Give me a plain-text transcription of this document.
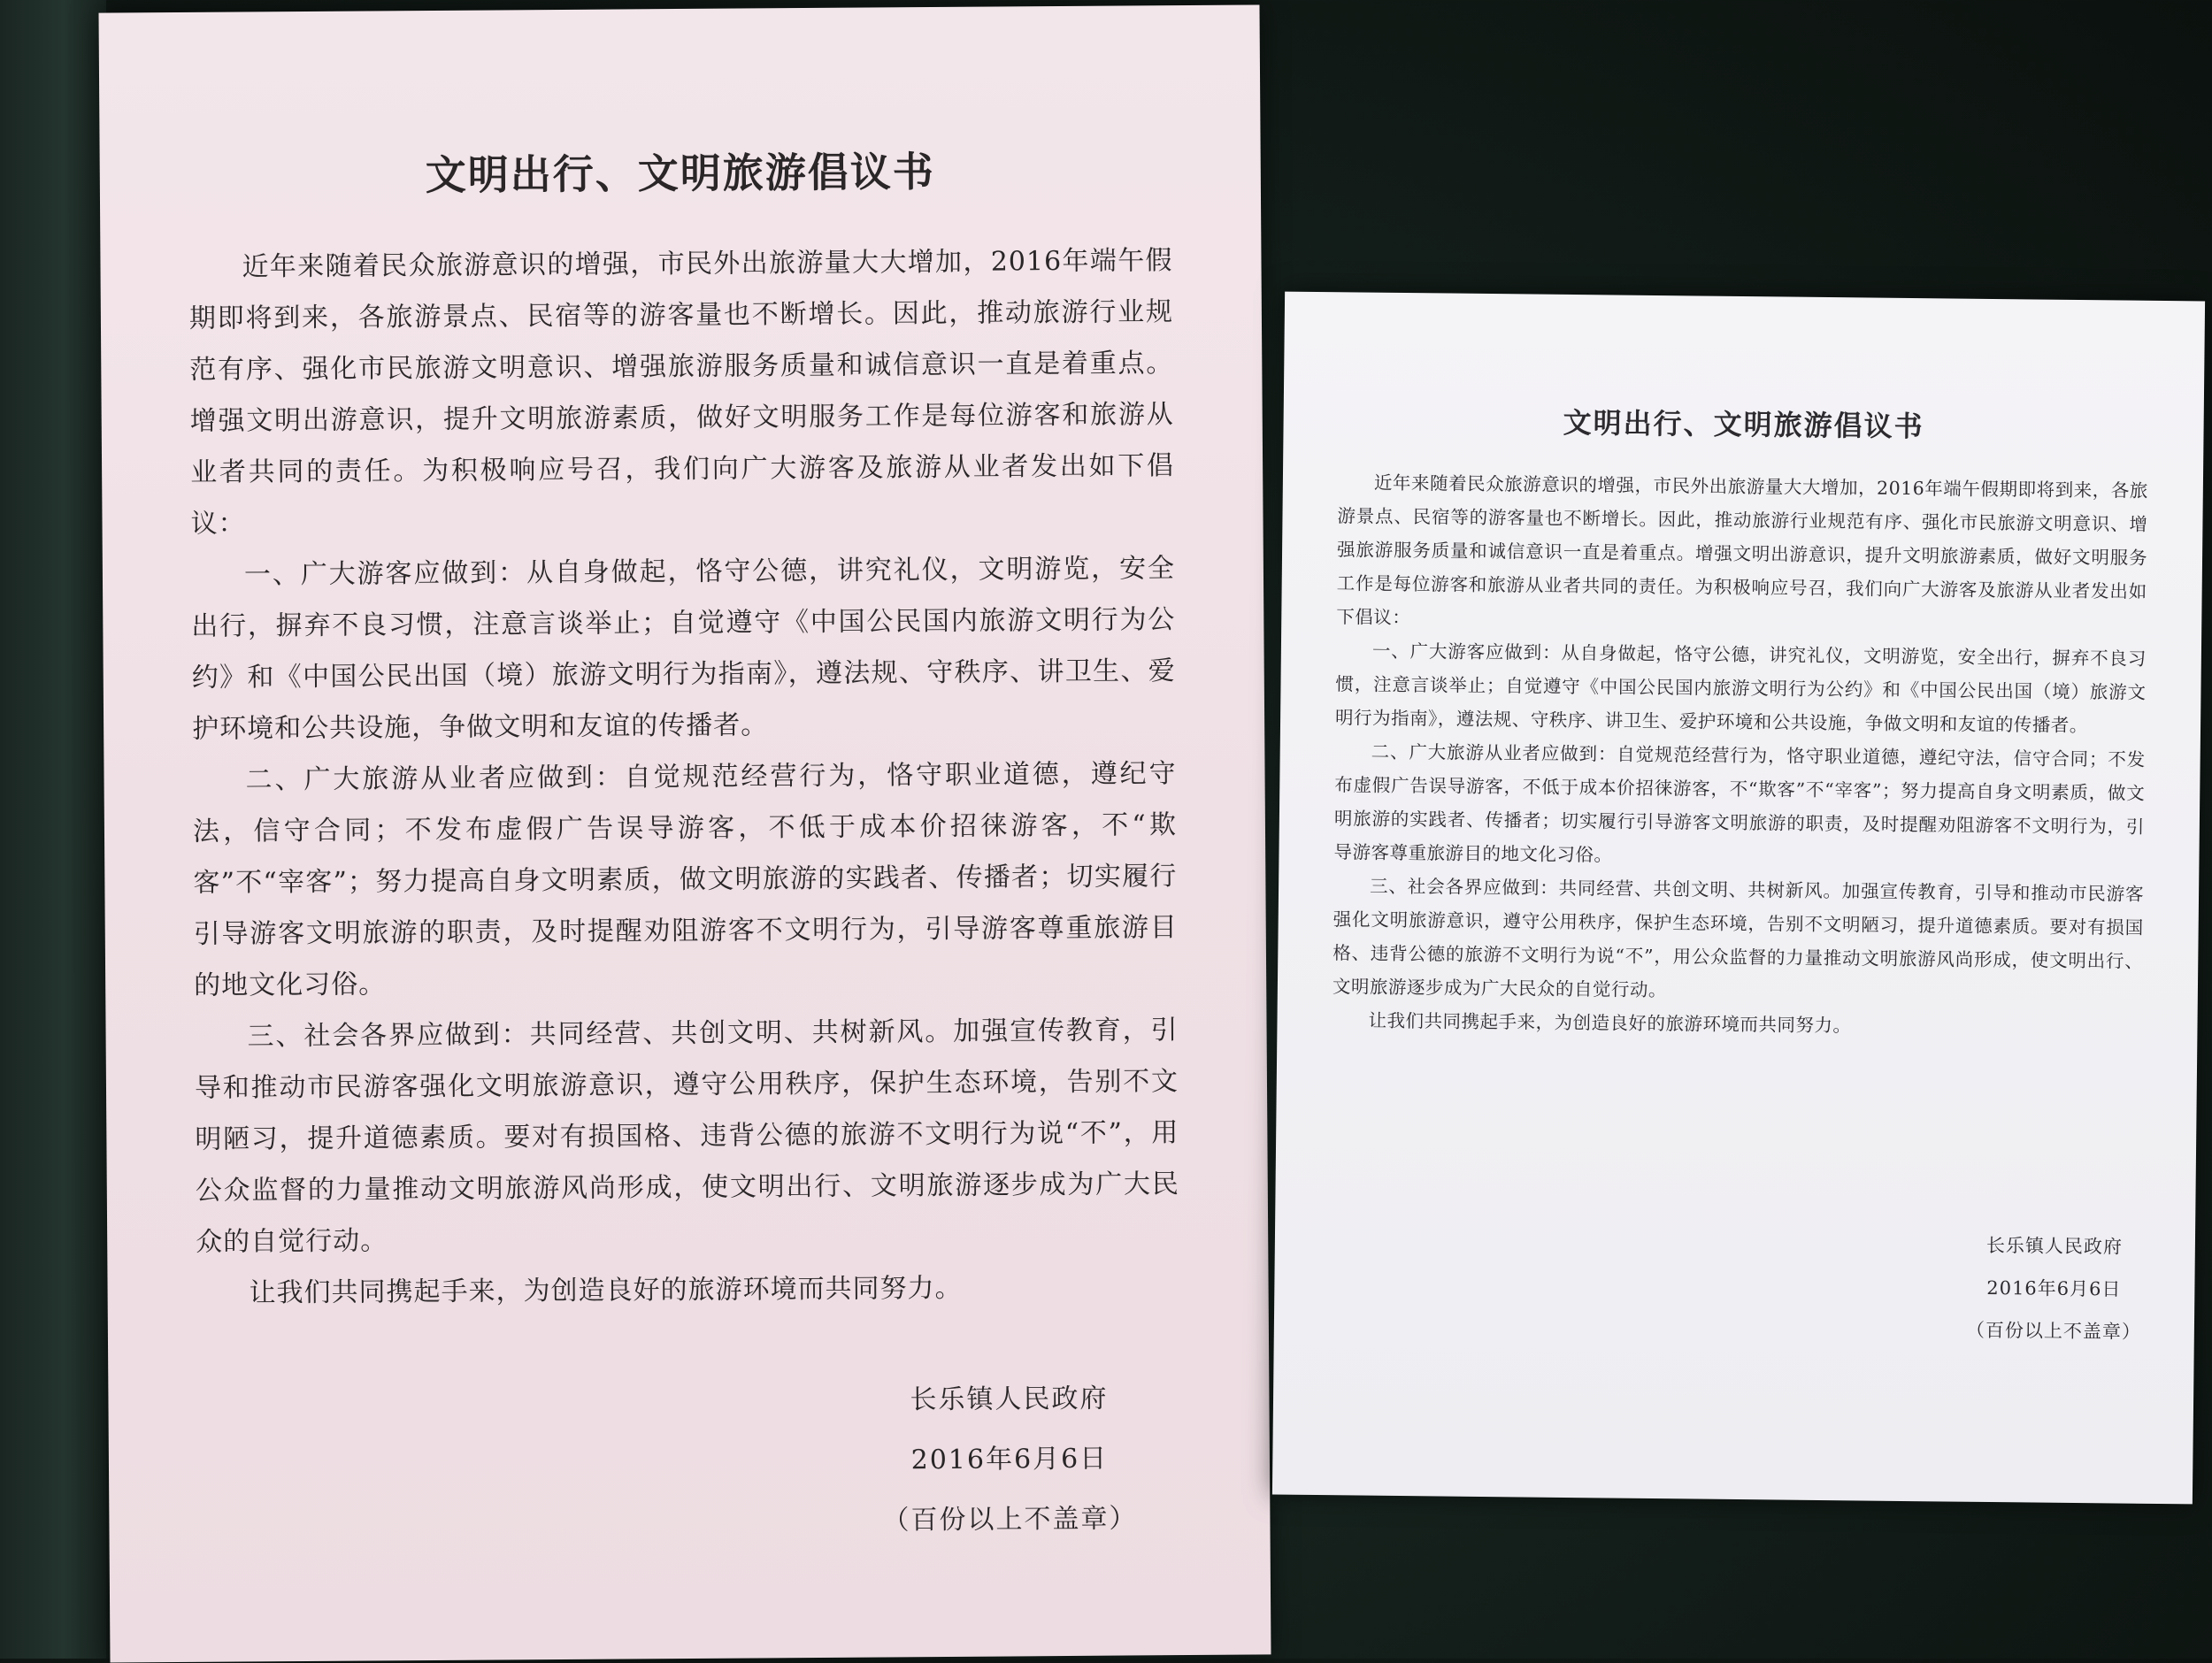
文明出行、文明旅游倡议书

近年来随着民众旅游意识的增强，市民外出旅游量大大增加，2016年端午假期即将到来，各旅游景点、民宿等的游客量也不断增长。因此，推动旅游行业规范有序、强化市民旅游文明意识、增强旅游服务质量和诚信意识一直是着重点。增强文明出游意识，提升文明旅游素质，做好文明服务工作是每位游客和旅游从业者共同的责任。为积极响应号召，我们向广大游客及旅游从业者发出如下倡议：

一、广大游客应做到：从自身做起，恪守公德，讲究礼仪，文明游览，安全出行，摒弃不良习惯，注意言谈举止；自觉遵守《中国公民国内旅游文明行为公约》和《中国公民出国（境）旅游文明行为指南》，遵法规、守秩序、讲卫生、爱护环境和公共设施，争做文明和友谊的传播者。

二、广大旅游从业者应做到：自觉规范经营行为，恪守职业道德，遵纪守法，信守合同；不发布虚假广告误导游客，不低于成本价招徕游客，不“欺客”不“宰客”；努力提高自身文明素质，做文明旅游的实践者、传播者；切实履行引导游客文明旅游的职责，及时提醒劝阻游客不文明行为，引导游客尊重旅游目的地文化习俗。

三、社会各界应做到：共同经营、共创文明、共树新风。加强宣传教育，引导和推动市民游客强化文明旅游意识，遵守公用秩序，保护生态环境，告别不文明陋习，提升道德素质。要对有损国格、违背公德的旅游不文明行为说“不”，用公众监督的力量推动文明旅游风尚形成，使文明出行、文明旅游逐步成为广大民众的自觉行动。

让我们共同携起手来，为创造良好的旅游环境而共同努力。

长乐镇人民政府
2016年6月6日
（百份以上不盖章）
文明出行、文明旅游倡议书

近年来随着民众旅游意识的增强，市民外出旅游量大大增加，2016年端午假期即将到来，各旅游景点、民宿等的游客量也不断增长。因此，推动旅游行业规范有序、强化市民旅游文明意识、增强旅游服务质量和诚信意识一直是着重点。增强文明出游意识，提升文明旅游素质，做好文明服务工作是每位游客和旅游从业者共同的责任。为积极响应号召，我们向广大游客及旅游从业者发出如下倡议：

一、广大游客应做到：从自身做起，恪守公德，讲究礼仪，文明游览，安全出行，摒弃不良习惯，注意言谈举止；自觉遵守《中国公民国内旅游文明行为公约》和《中国公民出国（境）旅游文明行为指南》，遵法规、守秩序、讲卫生、爱护环境和公共设施，争做文明和友谊的传播者。

二、广大旅游从业者应做到：自觉规范经营行为，恪守职业道德，遵纪守法，信守合同；不发布虚假广告误导游客，不低于成本价招徕游客，不“欺客”不“宰客”；努力提高自身文明素质，做文明旅游的实践者、传播者；切实履行引导游客文明旅游的职责，及时提醒劝阻游客不文明行为，引导游客尊重旅游目的地文化习俗。

三、社会各界应做到：共同经营、共创文明、共树新风。加强宣传教育，引导和推动市民游客强化文明旅游意识，遵守公用秩序，保护生态环境，告别不文明陋习，提升道德素质。要对有损国格、违背公德的旅游不文明行为说“不”，用公众监督的力量推动文明旅游风尚形成，使文明出行、文明旅游逐步成为广大民众的自觉行动。

让我们共同携起手来，为创造良好的旅游环境而共同努力。

长乐镇人民政府
2016年6月6日
（百份以上不盖章）
